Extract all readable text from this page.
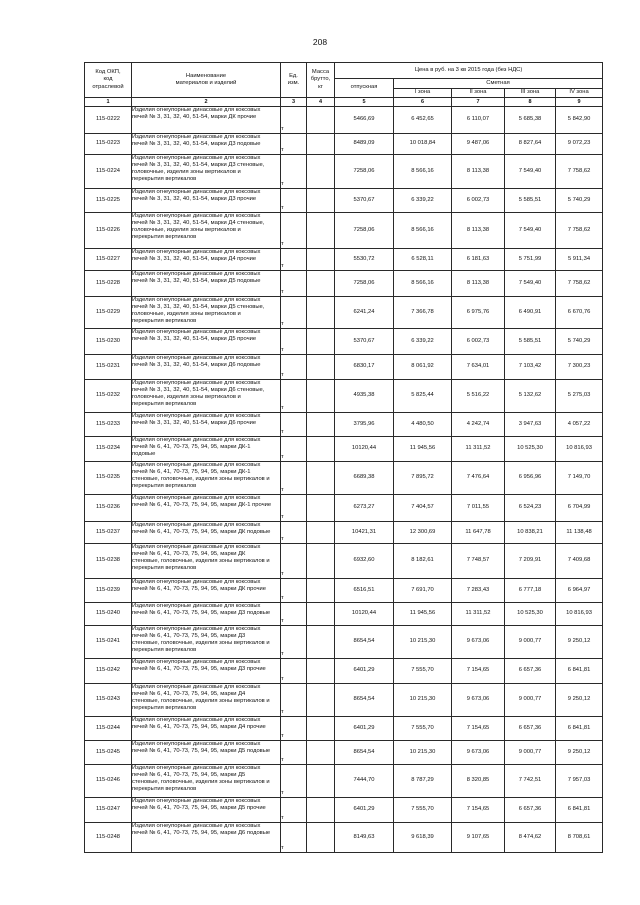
208
Код ОКП,
код
отраслевой	Наименование
материалов и изделий	Ед.
изм.	Масса
брутто,
кг	Цена в руб. на 3 кв 2015 года (без НДС)				
				отпускная	Сметная			
					I зона	II зона	III зона	IV зона
1	2	3	4	5	6	7	8	9
115-0222	Изделия огнеупорные динасовые для коксовых
печей № 3, 31, 32, 40, 51-54, марки ДК прочие	т		5466,69	6 452,65	6 110,07	5 685,38	5 842,90
115-0223	Изделия огнеупорные динасовые для коксовых
печей № 3, 31, 32, 40, 51-54, марки Д3 подовые	т		8489,09	10 018,84	9 487,06	8 827,64	9 072,23
115-0224	Изделия огнеупорные динасовые для коксовых
печей № 3, 31, 32, 40, 51-54, марки Д3 стеновые,
головочные, изделия зоны вертикалов и
перекрытия вертикалов	т		7258,06	8 566,16	8 113,38	7 549,40	7 758,62
115-0225	Изделия огнеупорные динасовые для коксовых
печей № 3, 31, 32, 40, 51-54, марки Д3 прочие	т		5370,67	6 339,22	6 002,73	5 585,51	5 740,29
115-0226	Изделия огнеупорные динасовые для коксовых
печей № 3, 31, 32, 40, 51-54, марки Д4 стеновые,
головочные, изделия зоны вертикалов и
перекрытия вертикалов	т		7258,06	8 566,16	8 113,38	7 549,40	7 758,62
115-0227	Изделия огнеупорные динасовые для коксовых
печей № 3, 31, 32, 40, 51-54, марки Д4 прочие	т		5530,72	6 528,11	6 181,63	5 751,99	5 911,34
115-0228	Изделия огнеупорные динасовые для коксовых
печей № 3, 31, 32, 40, 51-54, марки Д5 подовые	т		7258,06	8 566,16	8 113,38	7 549,40	7 758,62
115-0229	Изделия огнеупорные динасовые для коксовых
печей № 3, 31, 32, 40, 51-54, марки Д5 стеновые,
головочные, изделия зоны вертикалов и
перекрытия вертикалов	т		6241,24	7 366,78	6 975,76	6 490,91	6 670,76
115-0230	Изделия огнеупорные динасовые для коксовых
печей № 3, 31, 32, 40, 51-54, марки Д5 прочие	т		5370,67	6 339,22	6 002,73	5 585,51	5 740,29
115-0231	Изделия огнеупорные динасовые для коксовых
печей № 3, 31, 32, 40, 51-54, марки Д6 подовые	т		6830,17	8 061,92	7 634,01	7 103,42	7 300,23
115-0232	Изделия огнеупорные динасовые для коксовых
печей № 3, 31, 32, 40, 51-54, марки Д6 стеновые,
головочные, изделия зоны вертикалов и
перекрытия вертикалов	т		4935,38	5 825,44	5 516,22	5 132,62	5 275,03
115-0233	Изделия огнеупорные динасовые для коксовых
печей № 3, 31, 32, 40, 51-54, марки Д6 прочие	т		3795,96	4 480,50	4 242,74	3 947,63	4 057,22
115-0234	Изделия огнеупорные динасовые для коксовых
печей № 6, 41, 70-73, 75, 94, 95, марки ДК-1
подовые	т		10120,44	11 945,56	11 311,52	10 525,30	10 816,93
115-0235	Изделия огнеупорные динасовые для коксовых
печей № 6, 41, 70-73, 75, 94, 95, марки ДК-1
стеновые, головочные, изделия зоны вертикалов и
перекрытия вертикалов	т		6689,38	7 895,72	7 476,64	6 956,96	7 149,70
115-0236	Изделия огнеупорные динасовые для коксовых
печей № 6, 41, 70-73, 75, 94, 95, марки ДК-1 прочие	т		6273,27	7 404,57	7 011,55	6 524,23	6 704,99
115-0237	Изделия огнеупорные динасовые для коксовых
печей № 6, 41, 70-73, 75, 94, 95, марки ДК подовые	т		10421,31	12 300,69	11 647,78	10 838,21	11 138,48
115-0238	Изделия огнеупорные динасовые для коксовых
печей № 6, 41, 70-73, 75, 94, 95, марки ДК
стеновые, головочные, изделия зоны вертикалов и
перекрытия вертикалов	т		6932,60	8 182,61	7 748,57	7 209,91	7 409,68
115-0239	Изделия огнеупорные динасовые для коксовых
печей № 6, 41, 70-73, 75, 94, 95, марки ДК прочие	т		6516,51	7 691,70	7 283,43	6 777,18	6 964,97
115-0240	Изделия огнеупорные динасовые для коксовых
печей № 6, 41, 70-73, 75, 94, 95, марки Д3 подовые	т		10120,44	11 945,56	11 311,52	10 525,30	10 816,93
115-0241	Изделия огнеупорные динасовые для коксовых
печей № 6, 41, 70-73, 75, 94, 95, марки Д3
стеновые, головочные, изделия зоны вертикалов и
перекрытия вертикалов	т		8654,54	10 215,30	9 673,06	9 000,77	9 250,12
115-0242	Изделия огнеупорные динасовые для коксовых
печей № 6, 41, 70-73, 75, 94, 95, марки Д3 прочие	т		6401,29	7 555,70	7 154,65	6 657,36	6 841,81
115-0243	Изделия огнеупорные динасовые для коксовых
печей № 6, 41, 70-73, 75, 94, 95, марки Д4
стеновые, головочные, изделия зоны вертикалов и
перекрытия вертикалов	т		8654,54	10 215,30	9 673,06	9 000,77	9 250,12
115-0244	Изделия огнеупорные динасовые для коксовых
печей № 6, 41, 70-73, 75, 94, 95, марки Д4 прочие	т		6401,29	7 555,70	7 154,65	6 657,36	6 841,81
115-0245	Изделия огнеупорные динасовые для коксовых
печей № 6, 41, 70-73, 75, 94, 95, марки Д5 подовые	т		8654,54	10 215,30	9 673,06	9 000,77	9 250,12
115-0246	Изделия огнеупорные динасовые для коксовых
печей № 6, 41, 70-73, 75, 94, 95, марки Д5
стеновые, головочные, изделия зоны вертикалов и
перекрытия вертикалов	т		7444,70	8 787,29	8 320,85	7 742,51	7 957,03
115-0247	Изделия огнеупорные динасовые для коксовых
печей № 6, 41, 70-73, 75, 94, 95, марки Д5 прочие	т		6401,29	7 555,70	7 154,65	6 657,36	6 841,81
115-0248	Изделия огнеупорные динасовые для коксовых
печей № 6, 41, 70-73, 75, 94, 95, марки Д6 подовые	т		8149,63	9 618,39	9 107,65	8 474,62	8 708,61
